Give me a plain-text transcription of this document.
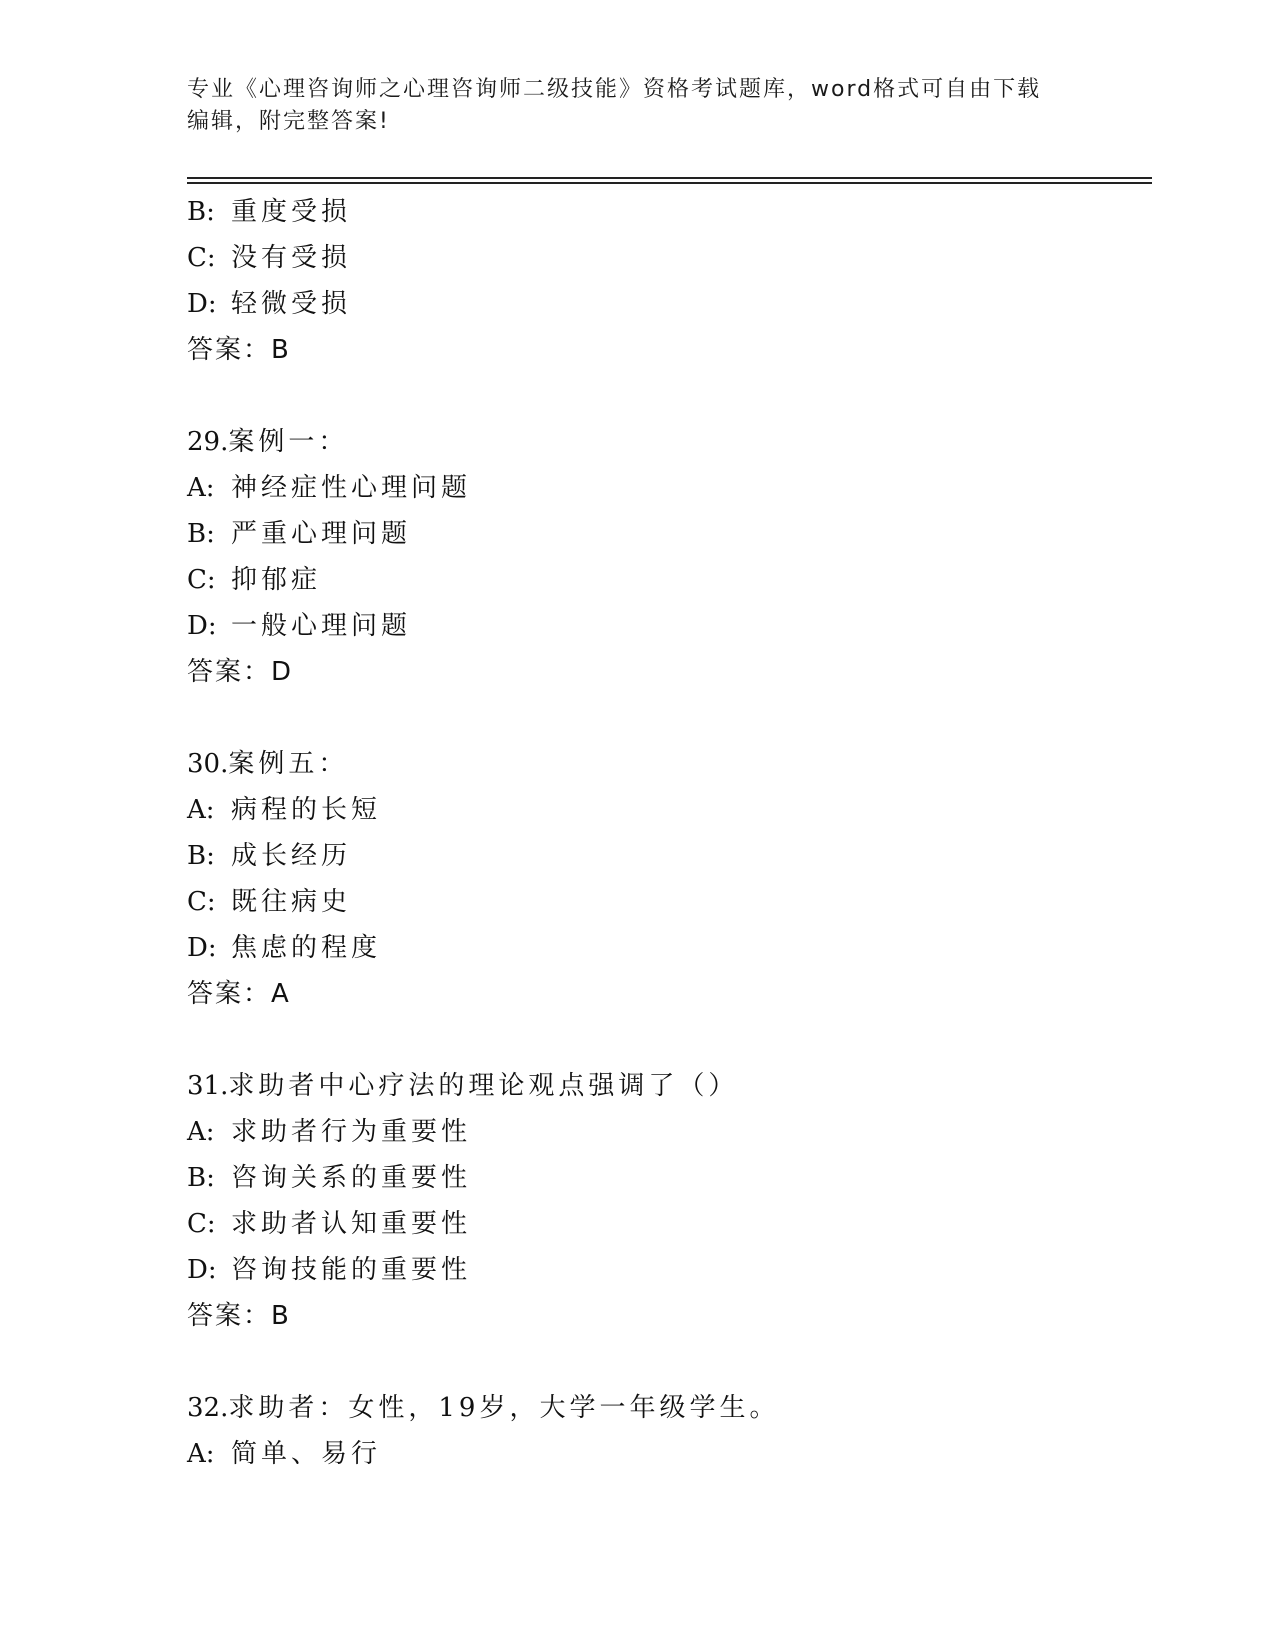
专业《心理咨询师之心理咨询师二级技能》资格考试题库，word格式可自由下载
编辑，附完整答案!
B: 重度受损
C: 没有受损
D: 轻微受损
答案：B
29.案例一：
A: 神经症性心理问题
B: 严重心理问题
C: 抑郁症
D: 一般心理问题
答案：D
30.案例五：
A: 病程的长短
B: 成长经历
C: 既往病史
D: 焦虑的程度
答案：A
31.求助者中心疗法的理论观点强调了（）
A: 求助者行为重要性
B: 咨询关系的重要性
C: 求助者认知重要性
D: 咨询技能的重要性
答案：B
32.求助者：女性，19岁，大学一年级学生。
A: 简单、易行
